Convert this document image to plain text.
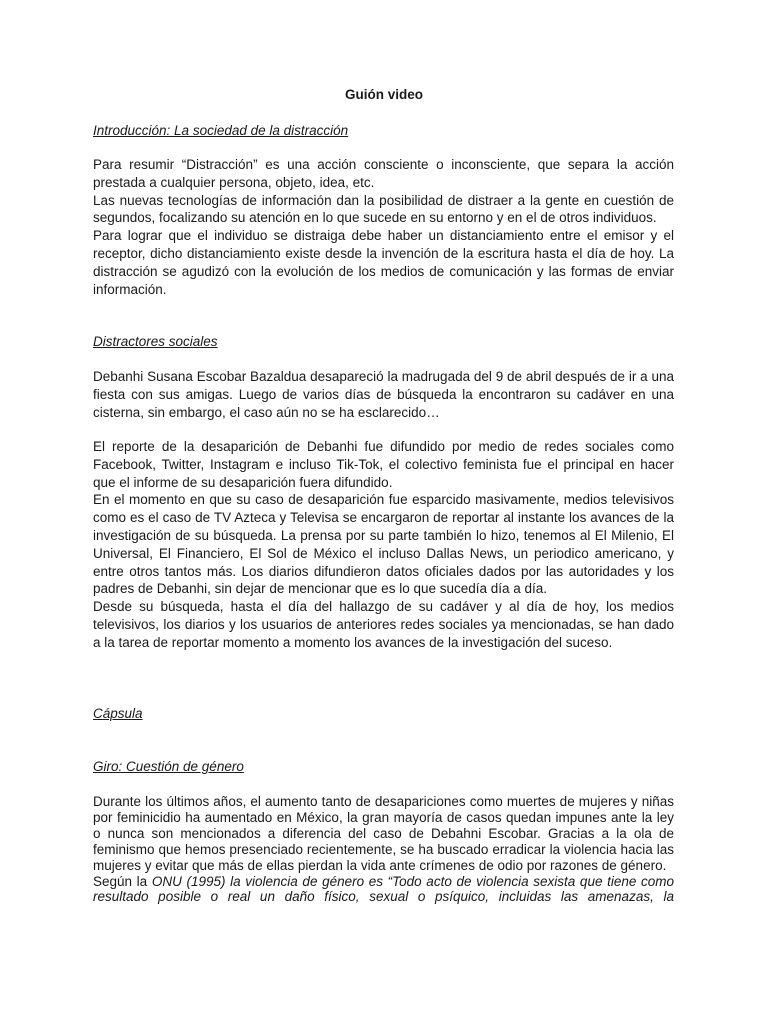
Guión video
Introducción: La sociedad de la distracción

Para resumir “Distracción” es una acción consciente o inconsciente, que separa la acción prestada a cualquier persona, objeto, idea, etc.

Las nuevas tecnologías de información dan la posibilidad de distraer a la gente en cuestión de segundos, focalizando su atención en lo que sucede en su entorno y en el de otros individuos.

Para lograr que el individuo se distraiga debe haber un distanciamiento entre el emisor y el receptor, dicho distanciamiento existe desde la invención de la escritura hasta el día de hoy. La distracción se agudizó con la evolución de los medios de comunicación y las formas de enviar información.

Distractores sociales

Debanhi Susana Escobar Bazaldua desapareció la madrugada del 9 de abril después de ir a una fiesta con sus amigas. Luego de varios días de búsqueda la encontraron su cadáver en una cisterna, sin embargo, el caso aún no se ha esclarecido…

El reporte de la desaparición de Debanhi fue difundido por medio de redes sociales como Facebook, Twitter, Instagram e incluso Tik-Tok, el colectivo feminista fue el principal en hacer que el informe de su desaparición fuera difundido.

En el momento en que su caso de desaparición fue esparcido masivamente, medios televisivos como es el caso de TV Azteca y Televisa se encargaron de reportar al instante los avances de la investigación de su búsqueda. La prensa por su parte también lo hizo, tenemos al El Milenio, El Universal, El Financiero, El Sol de México el incluso Dallas News, un periodico americano, y entre otros tantos más. Los diarios difundieron datos oficiales dados por las autoridades y los padres de Debanhi, sin dejar de mencionar que es lo que sucedía día a día.

Desde su búsqueda, hasta el día del hallazgo de su cadáver y al día de hoy, los medios televisivos, los diarios y los usuarios de anteriores redes sociales ya mencionadas, se han dado a la tarea de reportar momento a momento los avances de la investigación del suceso.

Cápsula
Giro: Cuestión de género

Durante los últimos años, el aumento tanto de desapariciones como muertes de mujeres y niñas por feminicidio ha aumentado en México, la gran mayoría de casos quedan impunes ante la ley o nunca son mencionados a diferencia del caso de Debahni Escobar. Gracias a la ola de feminismo que hemos presenciado recientemente, se ha buscado erradicar la violencia hacia las mujeres y evitar que más de ellas pierdan la vida ante crímenes de odio por razones de género.

Según la ONU (1995) la violencia de género es “Todo acto de violencia sexista que tiene como resultado posible o real un daño físico, sexual o psíquico, incluidas las amenazas, la
